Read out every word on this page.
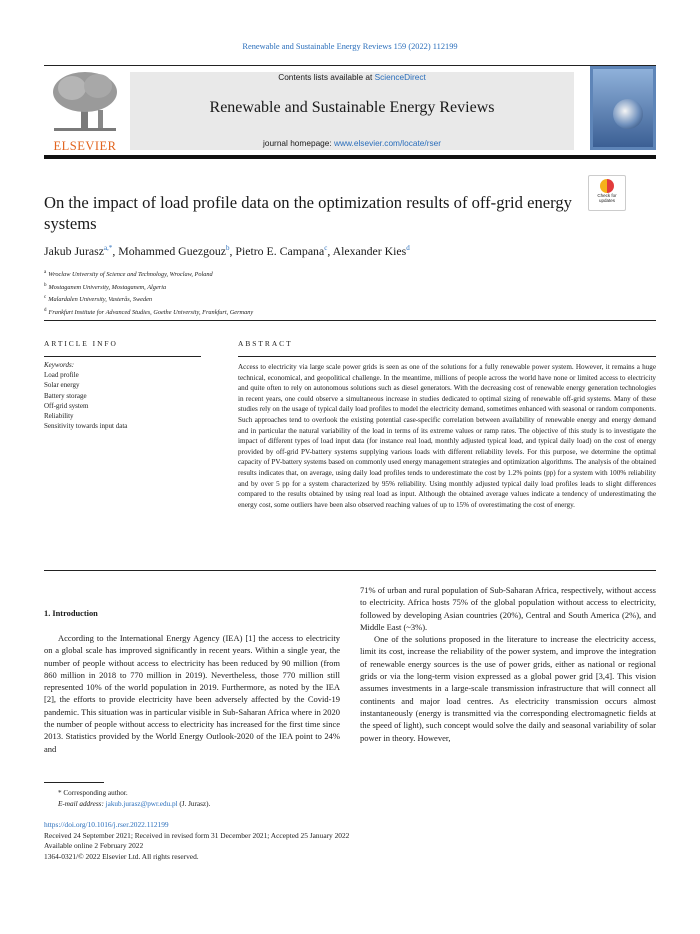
Renewable and Sustainable Energy Reviews 159 (2022) 112199
ELSEVIER
Contents lists available at ScienceDirect
Renewable and Sustainable Energy Reviews
journal homepage: www.elsevier.com/locate/rser
On the impact of load profile data on the optimization results of off-grid energy systems
Check for updates
Jakub Jurasz$^{a,*}$, Mohammed Guezgouz$^b$, Pietro E. Campana$^c$, Alexander Kies$^d$
$^a$ Wroclaw University of Science and Technology, Wroclaw, Poland
$^b$ Mostaganem University, Mostaganem, Algeria
$^c$ Malardalen University, Vasterås, Sweden
$^d$ Frankfurt Institute for Advanced Studies, Goethe University, Frankfurt, Germany
ARTICLE INFO
Keywords:
Load profile
Solar energy
Battery storage
Off-grid system
Reliability
Sensitivity towards input data
ABSTRACT
Access to electricity via large scale power grids is seen as one of the solutions for a fully renewable power system. However, it remains a huge technical, economical, and geopolitical challenge. In the meantime, millions of people across the world have none or limited access to electricity and quite often to rely on autonomous solutions such as diesel generators. With the decreasing cost of renewable energy generation technologies in recent years, one could observe a simultaneous increase in studies dedicated to optimal sizing of renewable off-grid systems. Many of these studies rely on the usage of typical daily load profiles to model the electricity demand, sometimes enhanced with seasonal or random components. Such approaches tend to overlook the existing potential case-specific correlation between availability of renewable energy and energy demand and in particular the natural variability of the load in terms of its extreme values or ramp rates. The objective of this study is to investigate the impact of different types of load input data (for instance real load, monthly adjusted typical load, and typical daily load) on the cost of energy provided by off-grid PV-battery systems supplying various loads with different reliability levels. For this purpose, we determine the optimal capacity of PV-battery systems based on commonly used energy management strategies and optimization algorithms. The analysis of the obtained results indicates that, on average, using daily load profiles tends to underestimate the cost by 1.2% points (pp) for a system with 100% reliability and by over 5 pp for a system characterized by 95% reliability. Using monthly adjusted typical daily load profiles leads to slight differences compared to the results obtained by using real load as input. Although the obtained average values indicate a tendency of underestimating the energy cost, some outliers have been also observed reaching values of up to 15% of overestimating the cost of energy.
1. Introduction

According to the International Energy Agency (IEA) [1] the access to electricity on a global scale has improved significantly in recent years. Within a single year, the number of people without access to electricity has been reduced by 90 million (from 860 million in 2018 to 770 million in 2019). Nevertheless, those 770 million still represented 10% of the world population in 2019. Furthermore, as noted by the IEA [2], the efforts to provide electricity have been adversely affected by the Covid-19 pandemic. This situation was in particular visible in Sub-Saharan Africa where in 2020 the number of people without access to electricity has increased for the first time since 2013. Statistics provided by the World Energy Outlook-2020 of the IEA point to 24% and

71% of urban and rural population of Sub-Saharan Africa, respectively, without access to electricity. Africa hosts 75% of the global population without access to electricity, followed by developing Asian countries (20%), Central and South America (2%), and Middle East (~3%).

One of the solutions proposed in the literature to increase the electricity access, limit its cost, increase the reliability of the power system, and improve the integration of renewable energy sources is the use of power grids, either as national or regional grids or via the long-term vision expressed as a global power grid [3,4]. This vision assumes investments in a large-scale transmission infrastructure that will connect all continents and major load centres. As electricity transmission occurs almost instantaneously (energy is transmitted via the corresponding electromagnetic fields at the speed of light), such concept would solve the daily and seasonal variability of solar power in theory. However,

* Corresponding author.
E-mail address: jakub.jurasz@pwr.edu.pl (J. Jurasz).
https://doi.org/10.1016/j.rser.2022.112199
Received 24 September 2021; Received in revised form 31 December 2021; Accepted 25 January 2022
Available online 2 February 2022
1364-0321/© 2022 Elsevier Ltd. All rights reserved.
